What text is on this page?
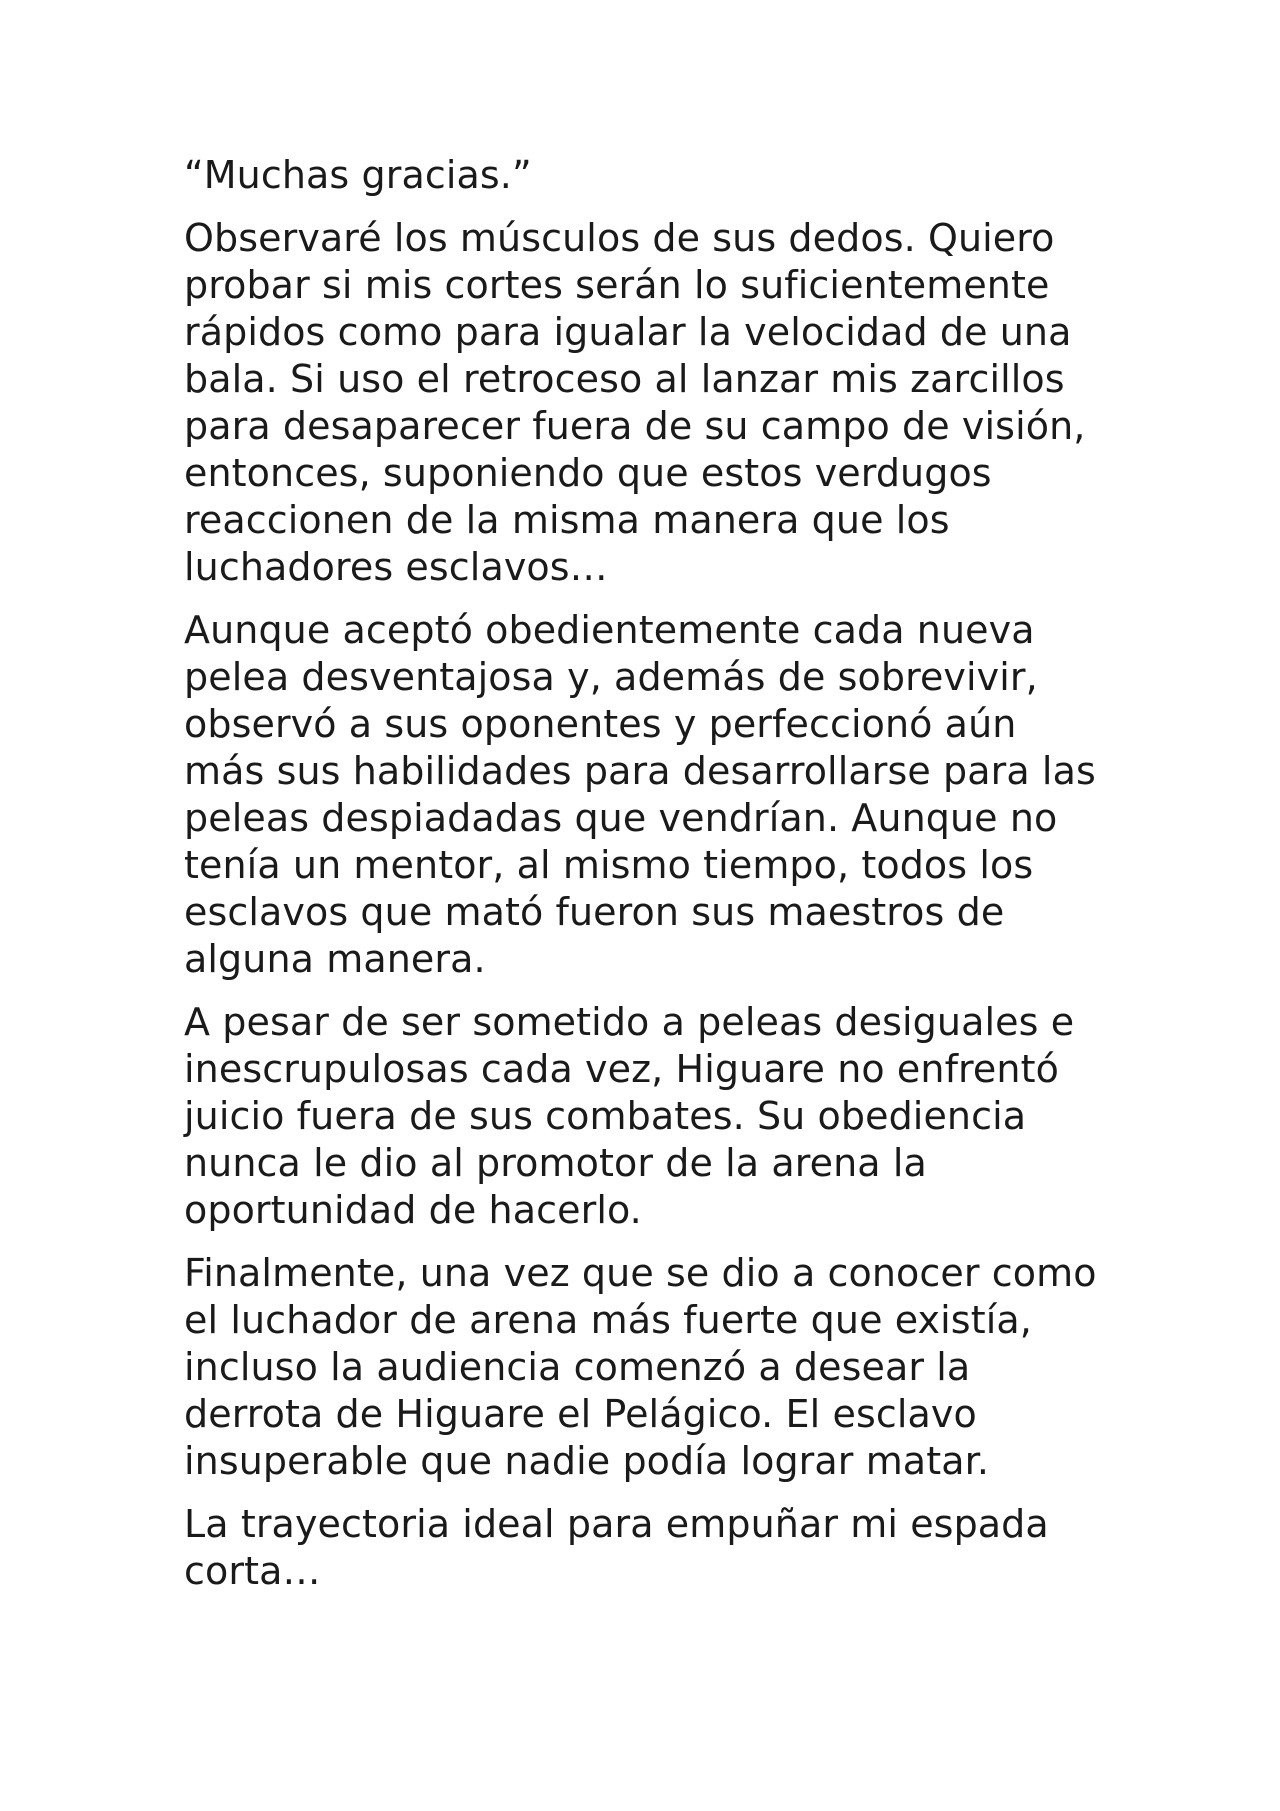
“Muchas gracias.”

Observaré los músculos de sus dedos. Quiero probar si mis cortes serán lo suficientemente rápidos como para igualar la velocidad de una bala. Si uso el retroceso al lanzar mis zarcillos para desaparecer fuera de su campo de visión, entonces, suponiendo que estos verdugos reaccionen de la misma manera que los luchadores esclavos…

Aunque aceptó obedientemente cada nueva pelea desventajosa y, además de sobrevivir, observó a sus oponentes y perfeccionó aún más sus habilidades para desarrollarse para las peleas despiadadas que vendrían. Aunque no tenía un mentor, al mismo tiempo, todos los esclavos que mató fueron sus maestros de alguna manera.

A pesar de ser sometido a peleas desiguales e inescrupulosas cada vez, Higuare no enfrentó juicio fuera de sus combates. Su obediencia nunca le dio al promotor de la arena la oportunidad de hacerlo.

Finalmente, una vez que se dio a conocer como el luchador de arena más fuerte que existía, incluso la audiencia comenzó a desear la derrota de Higuare el Pelágico. El esclavo insuperable que nadie podía lograr matar.

La trayectoria ideal para empuñar mi espada corta…
